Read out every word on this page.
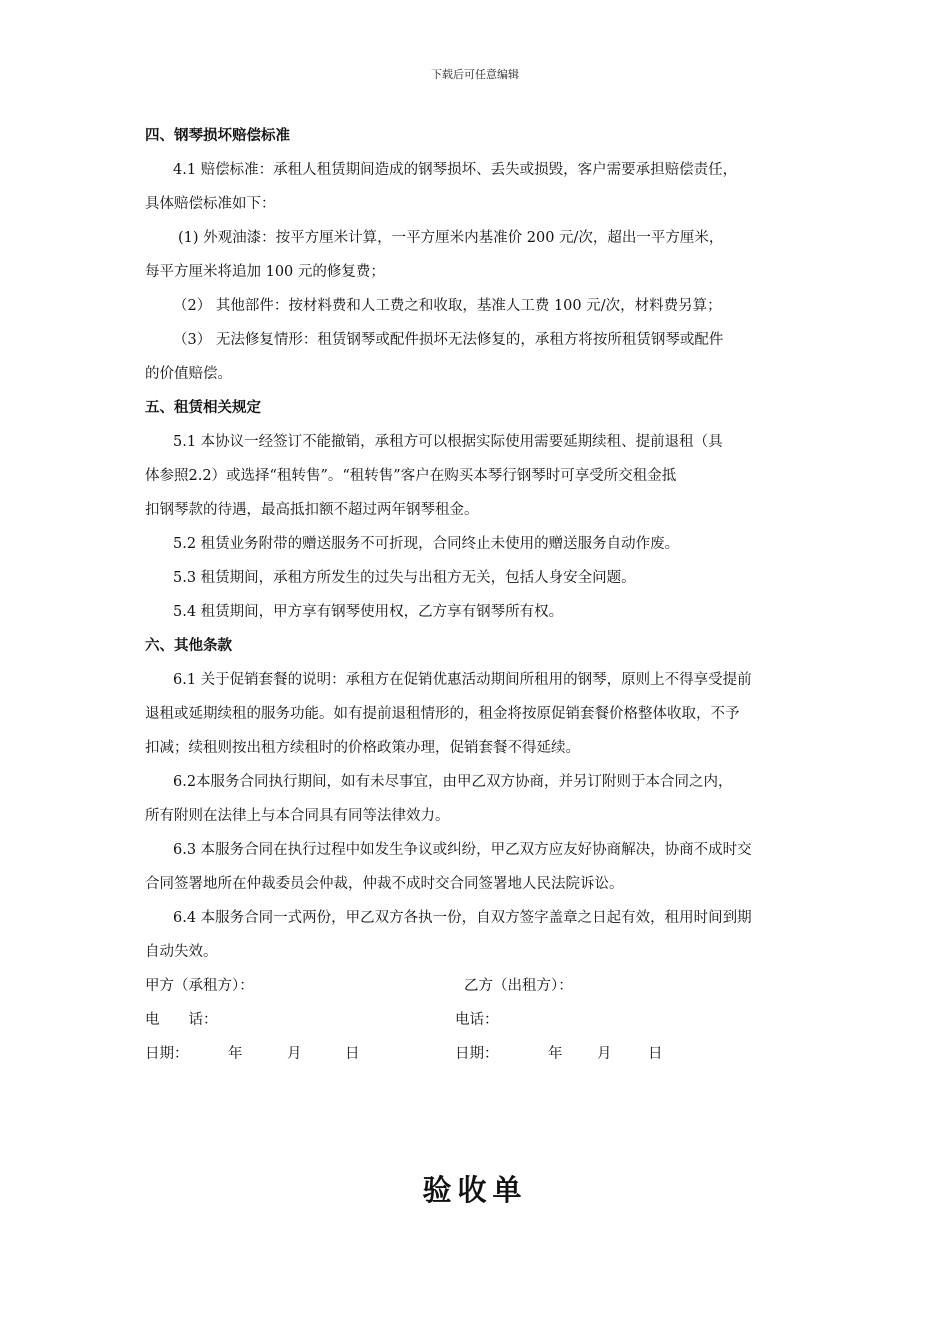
下载后可任意编辑
四、钢琴损坏赔偿标准
4.1 赔偿标准：承租人租赁期间造成的钢琴损坏、丢失或损毁，客户需要承担赔偿责任，
具体赔偿标准如下：
(1) 外观油漆：按平方厘米计算，一平方厘米内基准价 200 元/次，超出一平方厘米，
每平方厘米将追加 100 元的修复费；
（2） 其他部件：按材料费和人工费之和收取，基准人工费 100 元/次，材料费另算；
（3） 无法修复情形：租赁钢琴或配件损坏无法修复的，承租方将按所租赁钢琴或配件
的价值赔偿。
五、租赁相关规定
5.1 本协议一经签订不能撤销，承租方可以根据实际使用需要延期续租、提前退租（具
体参照2.2）或选择“租转售”。“租转售”客户在购买本琴行钢琴时可享受所交租金抵
扣钢琴款的待遇，最高抵扣额不超过两年钢琴租金。
5.2 租赁业务附带的赠送服务不可折现，合同终止未使用的赠送服务自动作废。
5.3 租赁期间，承租方所发生的过失与出租方无关，包括人身安全问题。
5.4 租赁期间，甲方享有钢琴使用权，乙方享有钢琴所有权。
六、其他条款
6.1 关于促销套餐的说明：承租方在促销优惠活动期间所租用的钢琴，原则上不得享受提前
退租或延期续租的服务功能。如有提前退租情形的，租金将按原促销套餐价格整体收取，不予
扣减；续租则按出租方续租时的价格政策办理，促销套餐不得延续。
6.2本服务合同执行期间，如有未尽事宜，由甲乙双方协商，并另订附则于本合同之内，
所有附则在法律上与本合同具有同等法律效力。
6.3 本服务合同在执行过程中如发生争议或纠纷，甲乙双方应友好协商解决，协商不成时交
合同签署地所在仲裁委员会仲裁，仲裁不成时交合同签署地人民法院诉讼。
6.4 本服务合同一式两份，甲乙双方各执一份，自双方签字盖章之日起有效，租用时间到期
自动失效。
甲方（承租方）：	乙方（出租方）：
电　　话：	电话：
日期：	年	月	日	日期：	年 月	日
验收单
